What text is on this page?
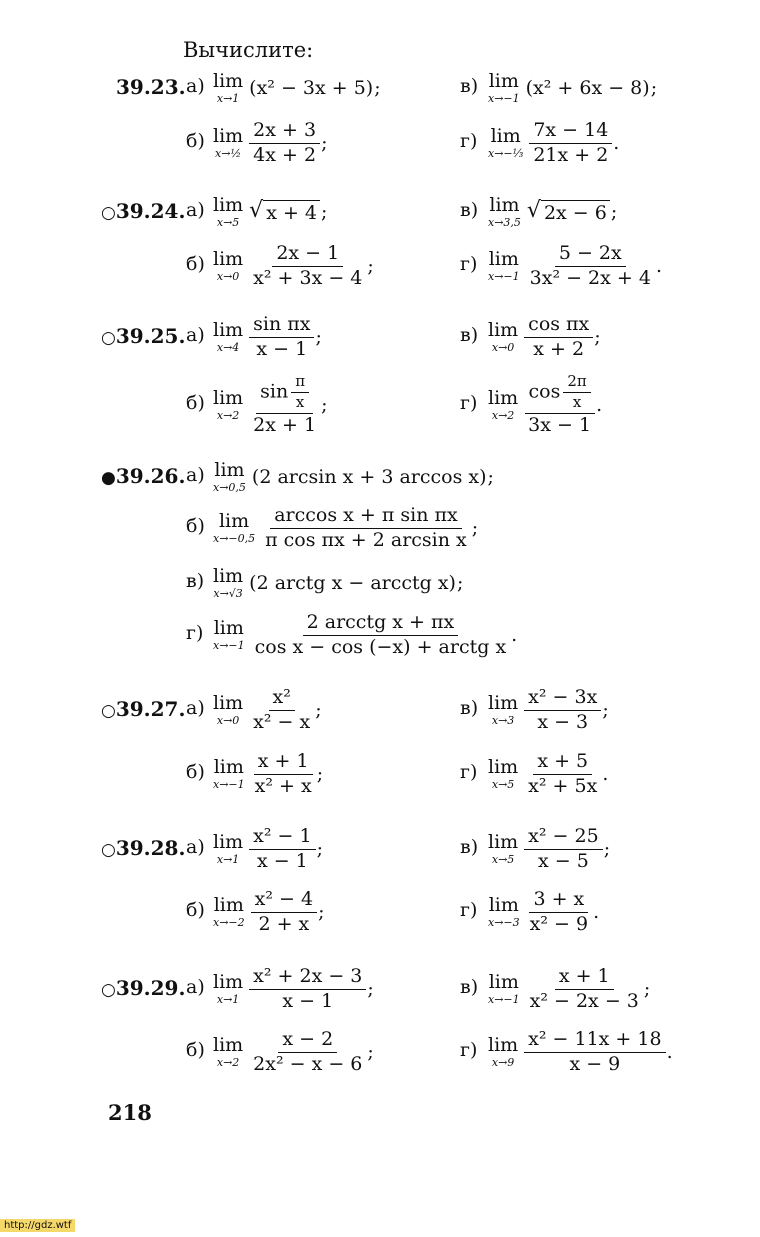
Вычислите:
39.23. а) lim
x→1 (x² − 3x + 5) ;
б) lim
x→½ $\frac{2x + 3}{4x + 2}$ ;
в) lim
x→−1 (x² + 6x − 8) ;
г) lim
x→−⅓ $\frac{7x - 14}{21x + 2}$ .
○39.24. а) lim
x→5 √ x + 4 ;
б) lim
$x\to 0 \frac{2x - 1}{\text{x² + 3x − 4}}$ ;
в) lim
x→3,5 √ 2x − 6 ;
г) lim
$x\to-1 \frac{5 - 2x}{\text{3x² − 2x + 4}}$ .
○39.25. а) lim
$x\to 4 \frac{\text{sin πx}}{x - 1}$ ;
б) lim
$x\to 2 \frac{\sin \frac{\pi}{x}}{2x + 1}$ ;
в) lim
$x\to 0 \frac{\text{cos πx}}{x + 2}$ ;
г) lim
$x\to 2 \frac{\cos \frac{2\pi}{x}}{3x - 1}$ .
●39.26. а) lim
x→0,5 (2 arcsin x + 3 arccos x) ;
б) lim
$x\to-0,5 \frac{\text{arccos x + π sin πx}}{\text{π cos πx + 2 arcsin x}}$ ;
в) lim
x→√3 (2 arctg x − arcctg x) ;
г) lim
x→−1
2 arcctg x + πx
cos x − cos (−x) + arctg x
.
○39.27. а) lim
$x\to 0 \frac{\text{x²}}{\text{x² − x}}$ ;
б) lim
$x\to-1 \frac{x + 1}{\text{x² + x}}$ ;
в) lim
$x\to 3 \frac{\text{x² − 3x}}{x - 3}$ ;
г) lim
$x\to 5 \frac{x + 5}{\text{x² + 5x}}$ .
○39.28. а) lim
$x\to 1 \frac{\text{x² − 1}}{x - 1}$ ;
б) lim
$x\to-2 \frac{\text{x² − 4}}{2 + x}$ ;
в) lim
$x\to 5 \frac{\text{x² − 25}}{x - 5}$ ;
г) lim
$x\to-3 \frac{3 + x}{\text{x² − 9}}$ .
○39.29. а) lim
$x\to 1 \frac{\text{x² + 2x − 3}}{x - 1}$ ;
б) lim
$x\to 2 \frac{x - 2}{\text{2x² − x − 6}}$ ;
в) lim
$x\to-1 \frac{x + 1}{\text{x² − 2x − 3}}$ ;
г) lim
$x\to 9 \frac{\text{x² − 11x + 18}}{x - 9}$ .
218
http://gdz.wtf
